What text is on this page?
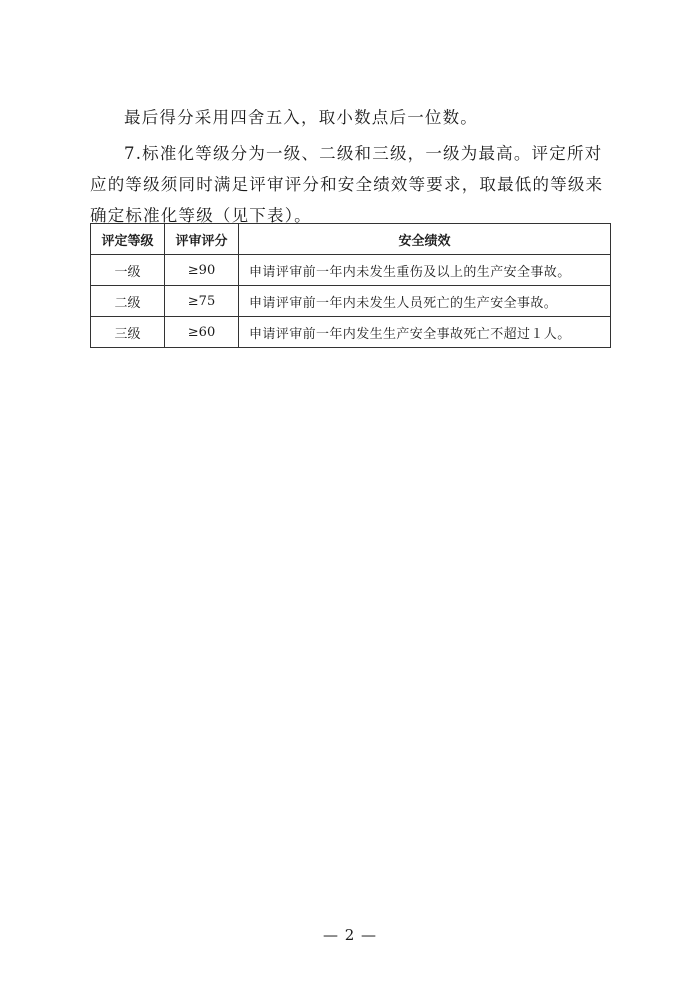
最后得分采用四舍五入，取小数点后一位数。

7.标准化等级分为一级、二级和三级，一级为最高。评定所对应的等级须同时满足评审评分和安全绩效等要求，取最低的等级来确定标准化等级（见下表）。

评定等级	评审评分	安全绩效
一级	≥90	申请评审前一年内未发生重伤及以上的生产安全事故。
二级	≥75	申请评审前一年内未发生人员死亡的生产安全事故。
三级	≥60	申请评审前一年内发生生产安全事故死亡不超过１人。
— 2 —
